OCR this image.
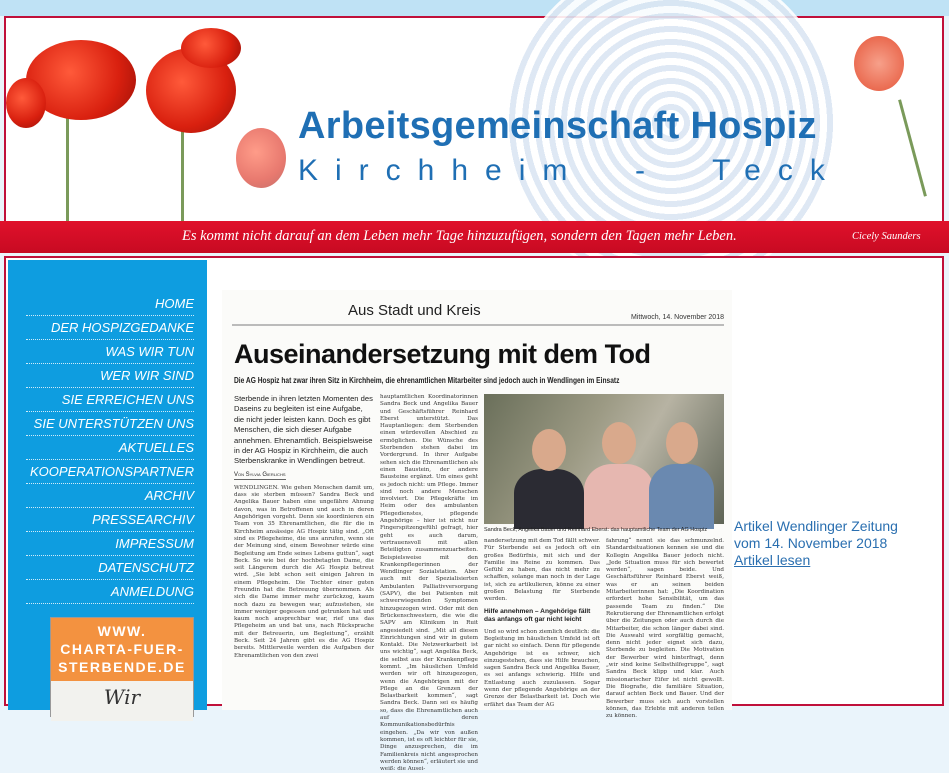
Arbeitsgemeinschaft Hospiz
Kirchheim  -  Teck
Es kommt nicht darauf an dem Leben mehr Tage hinzuzufügen, sondern den Tagen mehr Leben.	Cicely Saunders
HOME
DER HOSPIZGEDANKE
WAS WIR TUN
WER WIR SIND
SIE ERREICHEN UNS
SIE UNTERSTÜTZEN UNS
AKTUELLES
KOOPERATIONSPARTNER
ARCHIV
PRESSEARCHIV
IMPRESSUM
DATENSCHUTZ
ANMELDUNG
WWW.
CHARTA-FUER-
STERBENDE.DE
Wir
Aus Stadt und Kreis	Mittwoch, 14. November 2018
Auseinandersetzung mit dem Tod
Die AG Hospiz hat zwar ihren Sitz in Kirchheim, die ehrenamtlichen Mitarbeiter sind jedoch auch in Wendlingen im Einsatz
Sterbende in ihren letzten Momenten des Daseins zu begleiten ist eine Aufgabe, die nicht jeder leisten kann. Doch es gibt Menschen, die sich dieser Aufgabe annehmen. Ehrenamtlich. Beispielsweise in der AG Hospiz in Kirchheim, die auch Sterbenskranke in Wendlingen betreut.
Von Sylvia Gierlichs
WENDLINGEN. Wie gehen Menschen damit um, dass sie sterben müssen? Sandra Beck und Angelika Bauer haben eine ungefähre Ahnung davon, was in Betroffenen und auch in deren Angehörigen vorgeht. Denn sie koordinieren ein Team von 35 Ehrenamtlichen, die für die in Kirchheim ansässige AG Hospiz tätig sind. „Oft sind es Pflegeheime, die uns anrufen, wenn sie der Meinung sind, einem Bewohner würde eine Begleitung am Ende seines Lebens guttun“, sagt Beck. So wie bei der hochbetagten Dame, die seit Längerem durch die AG Hospiz betreut wird. „Sie lebt schon seit einigen Jahren in einem Pflegeheim. Die Tochter einer guten Freundin hat die Betreuung übernommen. Als sich die Dame immer mehr zurückzog, kaum noch dazu zu bewegen war, aufzustehen, sie immer weniger gegessen und getrunken hat und kaum noch ansprechbar war, rief uns das Pflegeheim an und bat uns, nach Rücksprache mit der Betreuerin, um Begleitung“, erzählt Beck. Seit 24 Jahren gibt es die AG Hospiz bereits. Mittlerweile werden die Aufgaben der Ehrenamtlichen von den zwei
hauptamtlichen Koordinatorinnen Sandra Beck und Angelika Bauer und Geschäftsführer Reinhard Eberst unterstützt. Das Hauptanliegen: dem Sterbenden einen würdevollen Abschied zu ermöglichen. Die Wünsche des Sterbenden stehen dabei im Vordergrund. In ihrer Aufgabe sehen sich die Ehrenamtlichen als einen Baustein, der andere Bausteine ergänzt. Um eines geht es jedoch nicht: um Pflege. Immer sind noch andere Menschen involviert. Die Pflegekräfte im Heim oder des ambulanten Pflegedienstes, pflegende Angehörige – hier ist nicht nur Fingerspitzengefühl gefragt, hier geht es auch darum, vertrauensvoll mit allen Beteiligten zusammenzuarbeiten. Beispielsweise mit den Krankenpflegerinnen der Wendlinger Sozialstation. Aber auch mit der Spezialisierten Ambulanten Palliativversorgung (SAPV), die bei Patienten mit schwerwiegenden Symptomen hinzugezogen wird. Oder mit den Brückenschwestern, die wie die SAPV am Klinikum in Ruit angesiedelt sind. „Mit all diesen Einrichtungen sind wir in gutem Kontakt. Die Netzwerkarbeit ist uns wichtig“, sagt Angelika Beck, die selbst aus der Krankenpflege kommt. „Im häuslichen Umfeld werden wir oft hinzugezogen, wenn die Angehörigen mit der Pflege an die Grenzen der Belastbarkeit kommen“, sagt Sandra Beck. Dann sei es häufig so, dass die Ehrenamtlichen auch auf deren Kommunikationsbedürfnis eingehen. „Da wir von außen kommen, ist es oft leichter für sie, Dinge anzusprechen, die im Familienkreis nicht angesprochen werden können“, erläutert sie und weiß: die Ausei-
Sandra Beck, Angelika Bauer und Reinhard Eberst: das hauptamtliche Team der AG Hospiz
nandersetzung mit dem Tod fällt schwer. Für Sterbende sei es jedoch oft ein großes Bedürfnis, mit sich und der Familie ins Reine zu kommen. Das Gefühl zu haben, das nicht mehr zu schaffen, solange man noch in der Lage ist, sich zu artikulieren, könne zu einer großen Belastung für Sterbende werden.
Hilfe annehmen – Angehörige fällt das anfangs oft gar nicht leicht
Und so wird schon ziemlich deutlich: die Begleitung im häuslichen Umfeld ist oft gar nicht so einfach. Denn für pflegende Angehörige ist es schwer, sich einzugestehen, dass sie Hilfe brauchen, sagen Sandra Beck und Angelika Bauer, es sei anfangs schwierig. Hilfe und Entlastung auch zuzulassen. Sogar wenn der pflegende Angehörige an der Grenze der Belastbarkeit ist. Doch wie erfährt das Team der AG
fahrung“ nennt sie das schmunzelnd. Standardsituationen kennen sie und die Kollegin Angelika Bauer jedoch nicht. „Jede Situation muss für sich bewertet werden“, sagen beide. Und Geschäftsführer Reinhard Eberst weiß, was er an seinen beiden Mitarbeiterinnen hat: „Die Koordination erfordert hohe Sensibilität, um das passende Team zu finden.“ Die Rekrutierung der Ehrenamtlichen erfolgt über die Zeitungen oder auch durch die Mitarbeiter, die schon länger dabei sind. Die Auswahl wird sorgfältig gemacht, denn nicht jeder eignet sich dazu, Sterbende zu begleiten. Die Motivation der Bewerber wird hinterfragt, denn „wir sind keine Selbsthilfegruppe“, sagt Sandra Beck klipp und klar. Auch missionarischer Eifer ist nicht gewollt. Die Biografie, die familiäre Situation, darauf achten Beck und Bauer. Und der Bewerber muss sich auch vorstellen können, das Erlebte mit anderen teilen zu können.
Artikel Wendlinger Zeitung
vom 14. November 2018
Artikel lesen
